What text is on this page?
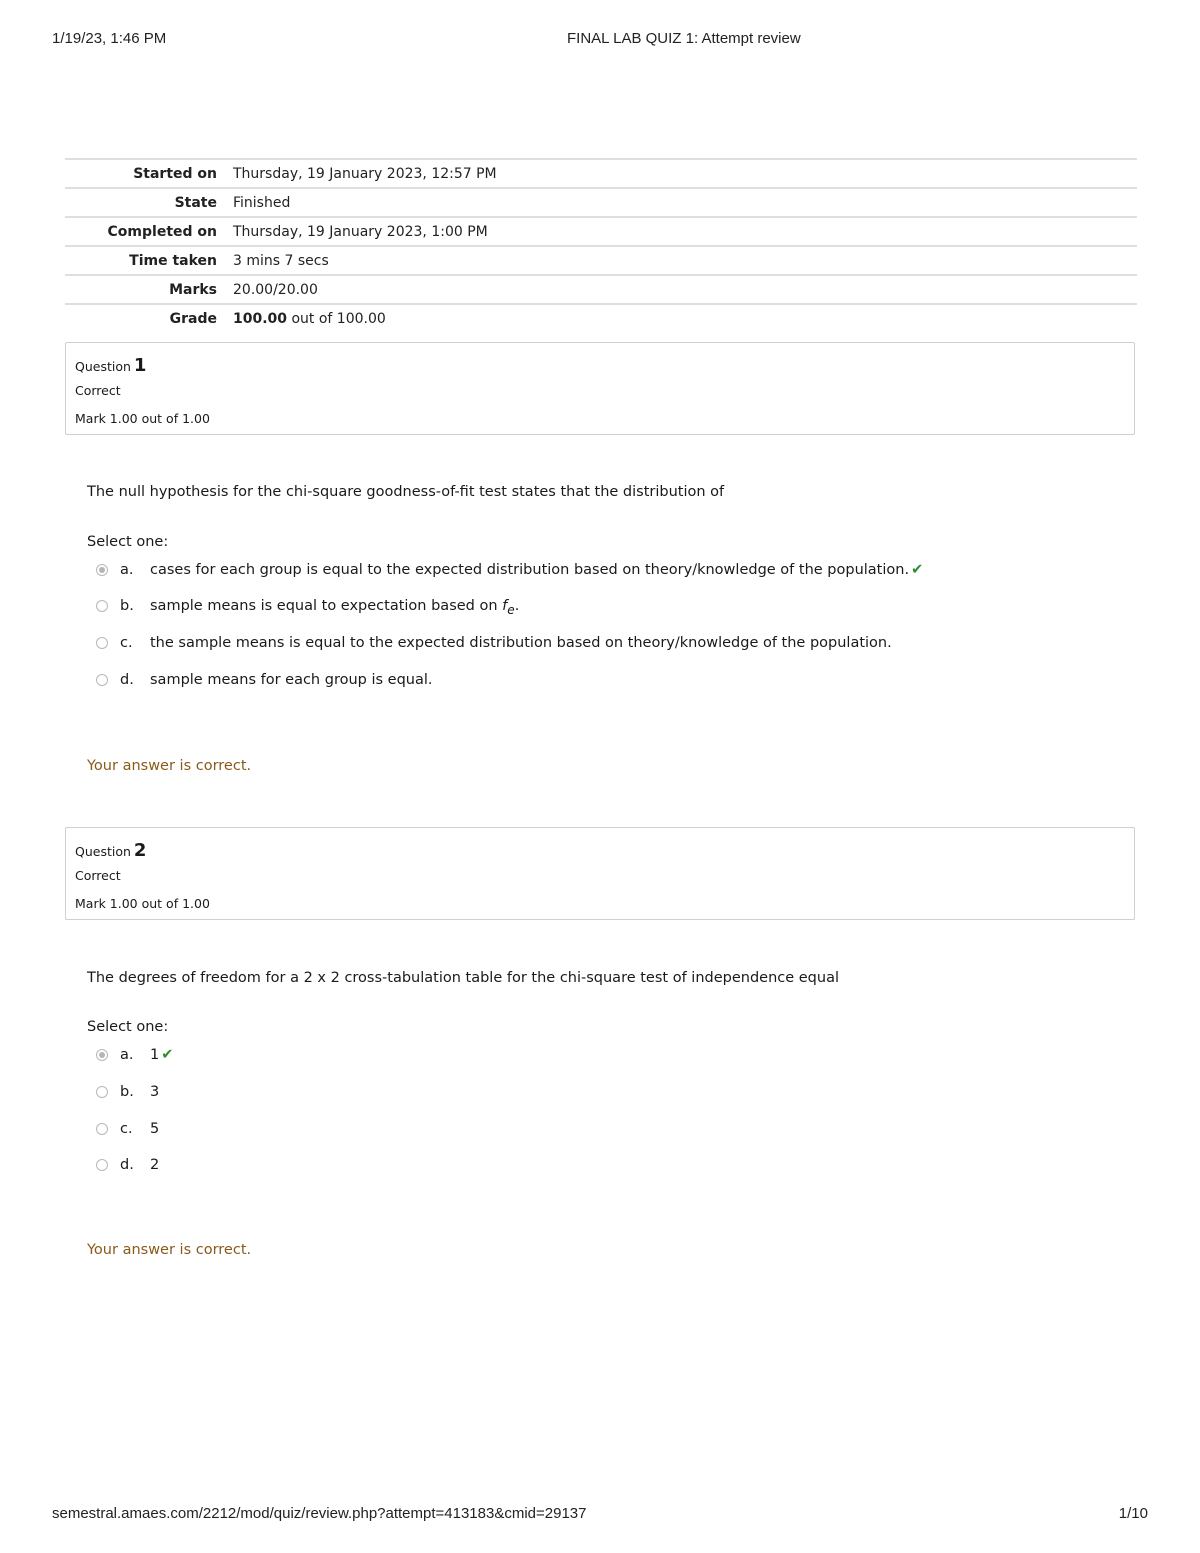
1/19/23, 1:46 PM	FINAL LAB QUIZ 1: Attempt review
Started on	Thursday, 19 January 2023, 12:57 PM
State	Finished
Completed on	Thursday, 19 January 2023, 1:00 PM
Time taken	3 mins 7 secs
Marks	20.00/20.00
Grade	100.00 out of 100.00
Question 1
Correct
Mark 1.00 out of 1.00
The null hypothesis for the chi-square goodness-of-fit test states that the distribution of
Select one:
a. cases for each group is equal to the expected distribution based on theory/knowledge of the population. ✔
b. sample means is equal to expectation based on $f_e$.
c. the sample means is equal to the expected distribution based on theory/knowledge of the population.
d. sample means for each group is equal.
Your answer is correct.
Question 2
Correct
Mark 1.00 out of 1.00
The degrees of freedom for a 2 x 2 cross-tabulation table for the chi-square test of independence equal
Select one:
a. 1 ✔
b. 3
c. 5
d. 2
Your answer is correct.
semestral.amaes.com/2212/mod/quiz/review.php?attempt=413183&cmid=29137	1/10
